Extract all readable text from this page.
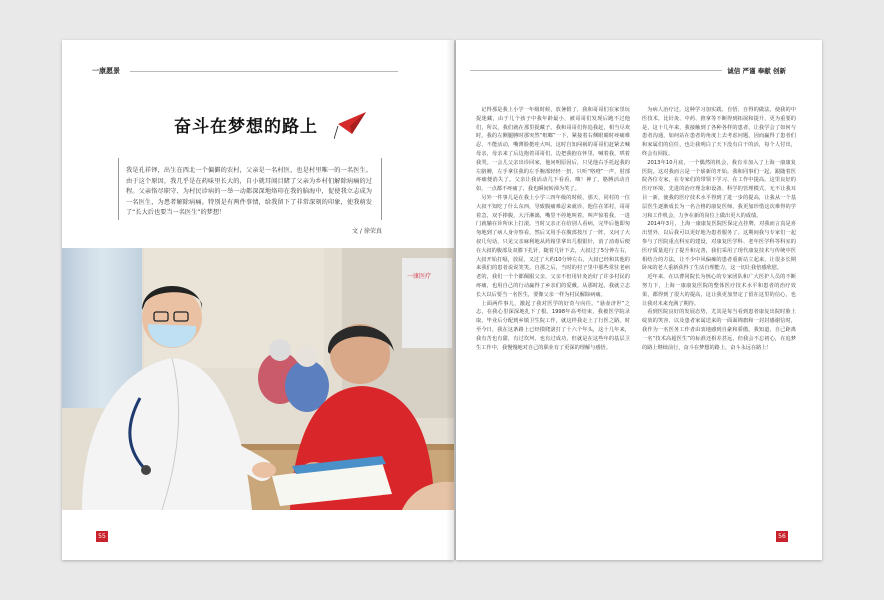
一康愿景
奋斗在梦想的路上
我是孔祥铎，出生在西北一个偏僻的农村，父亲是一名村医，也是村里唯一的一名医生。由于这个原因，我几乎是在药味里长大的，自小就耳闻目睹了父亲为乡村们解除病痛的过程。父亲恪尽职守、为村民诊病的一举一动都深深地烙印在我的脑海中，促使我立志成为一名医生，为患者解除病痛。特别是有两件事情，给我留下了非常深刻的印象，使我萌发了“长大后也要当一名医生”的梦想！
文 / 徐荣真
一康医疗
55
诚信 严谨 奉献 创新

记得那是我上小学一年级时候，放暑假了，我和哥哥们在家里玩捉迷藏，由于几个孩子中我年龄最小，被哥哥们发现后跑不过他们，所以，我们就在那里捉藏子。我和哥哥们你追我赶，相当尽欢时，我的左侧腿膊时那突然“哐啷”一下，紧接着右侧眼睛时疼痛难忍，不能活动，嘴薄脸挺哇大叫。这时自知闯祸的哥哥们赶紧去喊母亲，母亲来了后边抱着哥哥们，边把我抱在怀里，喊着我，哄着我哭。一会儿父亲出诊回家，他问明原因后，只见他右手托起我的左胳膊，左手拿住我的左手腕部轻轻一扭，只听“咯噔”一声，肘部疼痛便消失了。父亲让我活动几下看看，嗨！神了，胳膊活动自如，一点都不疼痛了，我也瞬间转涕为笑了。

另外一件事儿是在我上小学三四年级的时候，那天，同村的一位大叔不知吃了什么东西，导致腹痛难忍来就诊，他住在邻村，哥哥着急，双手捧腹，大汗淋漓，嘴里不停地叫着。叫声惊着我，一进门就躺在诊所床上打滚。当时父亲正在给别人看病，完毕后他即匆匆地到了病人身旁察看，然后又用手在腹部按压了一阵，又问了大叔几句话，只见父亲麻利地从药箱里拿出几根银针，消了消毒后便在大叔的腹部及双膝下扎针，随着几针下去，大叔过了5分钟左右，大叔开始打嗝，放屁，又过了大约10分钟左右，大叔已经和其他的来我们的患者说说笑笑。自那之后，当时的村子里中那些常驻老病老的，我们一个个都佩服父亲，父亲不但用针灸治好了许多村民的疼痛，也用自己的行动赢得了乡亲们的爱戴。从那时起，我就立志长大以后要当一名医生，要像父亲一样为村民解除病痛。

上面两件事儿，激起了我对医学的好奇与向往。“悬壶济世”之志，在我心里深深地扎下了根。1998年高考结束，我被医学院录取，毕业后分配到乡镇卫生院工作，就这样我走上了行医之路。时至今日，我在这条路上已经摸爬滚打了十六个年头，这十几年来，我有苦也有甜，有过坎坷，也有过成功，但就是在这些年的基层卫生工作中，我慢慢地对自己的职业有了更深的理解与感悟。

为病人治疗过，这种学习加实践、自悟、自得的做法，使我的中医技术，比针灸、中药、推拿等不断得到拓展和提升，更为重要的是，这十几年来，我接触到了各种各样的患者，让我学会了如何与患者沟通，如何站在患者的角度上去考虑问题，因而赢得了患者们和家属们的信任，也让我明白了天下没有白干的活，每个人付出，终会有回报。

2013年10月底，一个偶然的机会，我有幸加入了上海一康康复医院，这对我而言是一个崭新的开始。我和同事们一起，跟随着医院各位专家，在专家们的带领下学习、在工作中提高。这里良好的医疗环境、先进的治疗理念和设备、科学的管理模式，无不让我耳目一新，使我的医疗技术水平得到了进一步的提高，让我从一个基层医生逐渐成长为一名合格的康复医师。我更加珍惜这次难得的学习和工作机会，力争在新的岗位上做出更大的成绩。

2014年3月，上海一康康复医院医保定点挂牌，对我而言真是喜出望外，以后我可以更好地为患者服务了。这期间我与专家们一起参与了医院重点科室的建设，对康复医学科、老年医学科等科室的医疗质量进行了提升和完善，我们采用了现代康复技术与传统中医相结合的方法，让不少中风偏瘫的患者重新站立起来，让很多长期卧床的老人重新获得了生活自理能力，这一切让我倍感欣慰。

近年来，在以曹同院长为核心的专家团队和广大医护人员的不断努力下，上海一康康复医院的整体医疗技术水平和患者的治疗效果，都得到了很大的提高，这让我更加坚定了留在这里的信心，也让我对未来充满了期待。

看到医院良好的发展态势，尤其是每当看到患者康复出院时脸上绽放的笑容，以及患者家属送来的一面面锦旗和一封封感谢信时，我作为一名医务工作者由衷地感到自豪和骄傲。我知道，自己距离一名“技术高超医生”的标准还相差甚远，但我会不忘初心，在追梦的路上继续前行，奋斗在梦想的路上，奋斗永远在路上！

56
